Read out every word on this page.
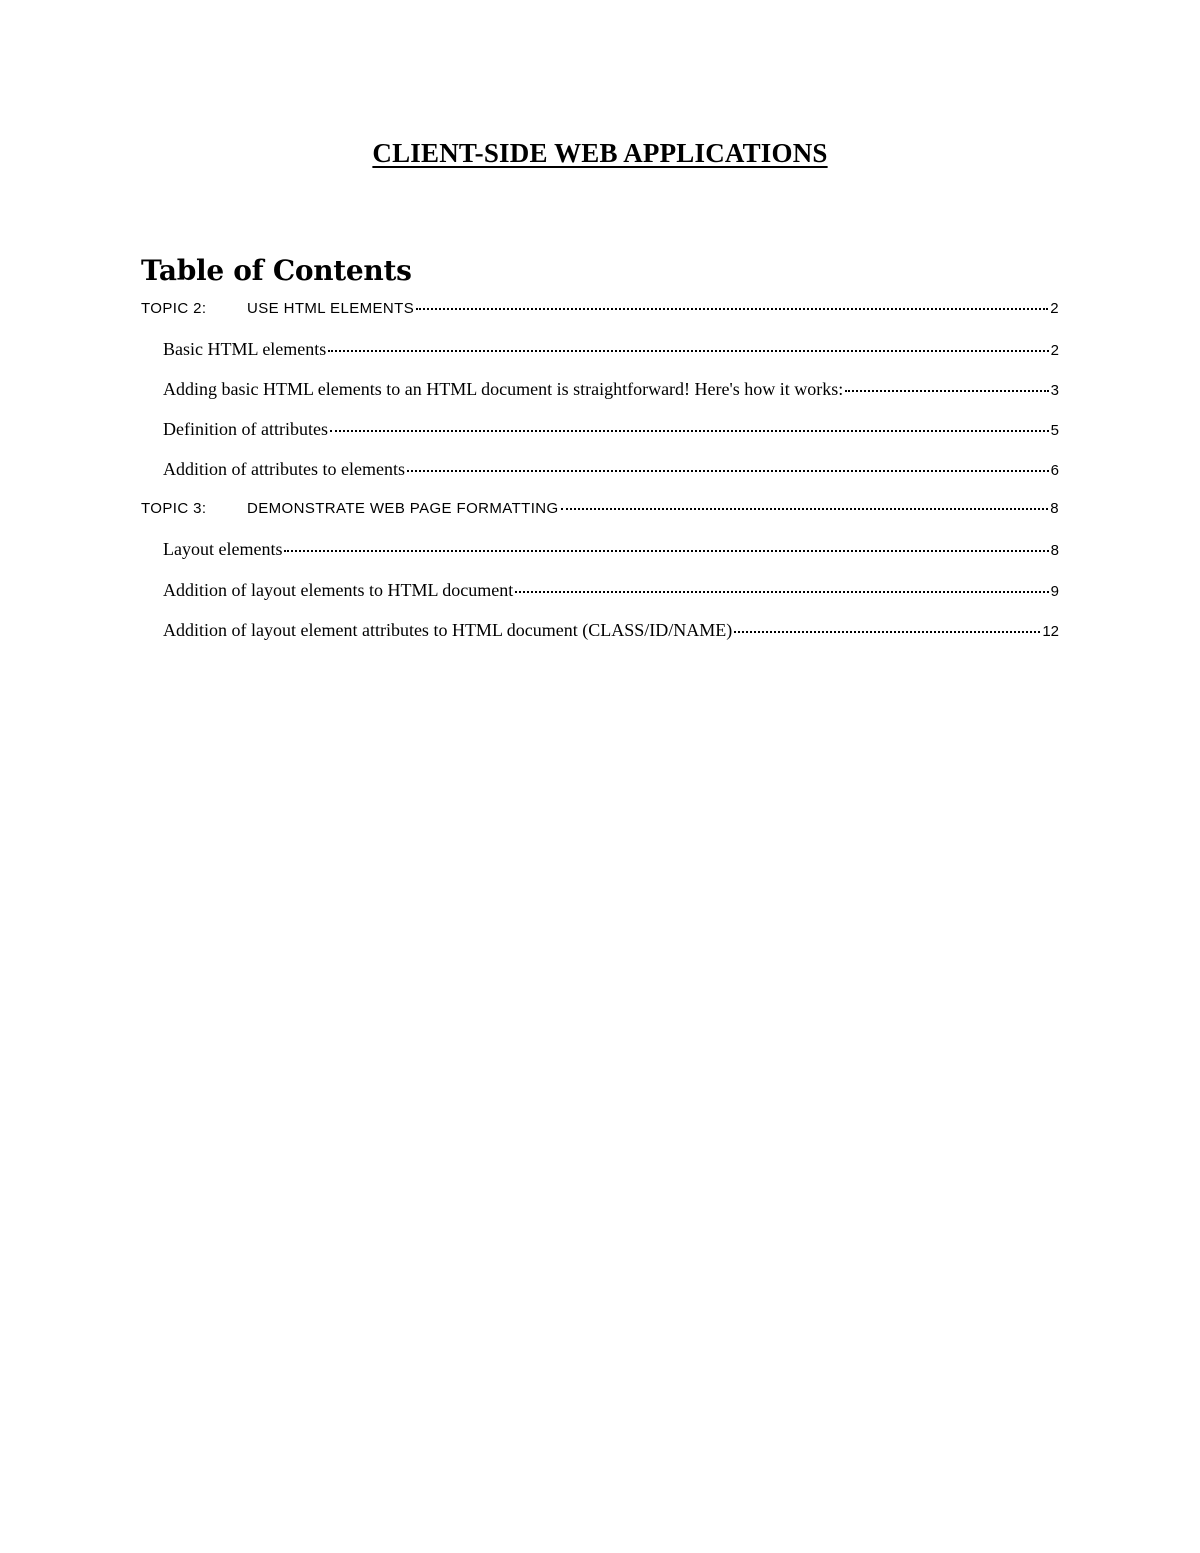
CLIENT-SIDE WEB APPLICATIONS
Table of Contents
TOPIC 2:	USE HTML ELEMENTS	2
Basic HTML elements	2
Adding basic HTML elements to an HTML document is straightforward! Here's how it works:	3
Definition of attributes	5
Addition of attributes to elements	6
TOPIC 3:	DEMONSTRATE WEB PAGE FORMATTING	8
Layout elements	8
Addition of layout elements to HTML document	9
Addition of layout element attributes to HTML document (CLASS/ID/NAME)	12
